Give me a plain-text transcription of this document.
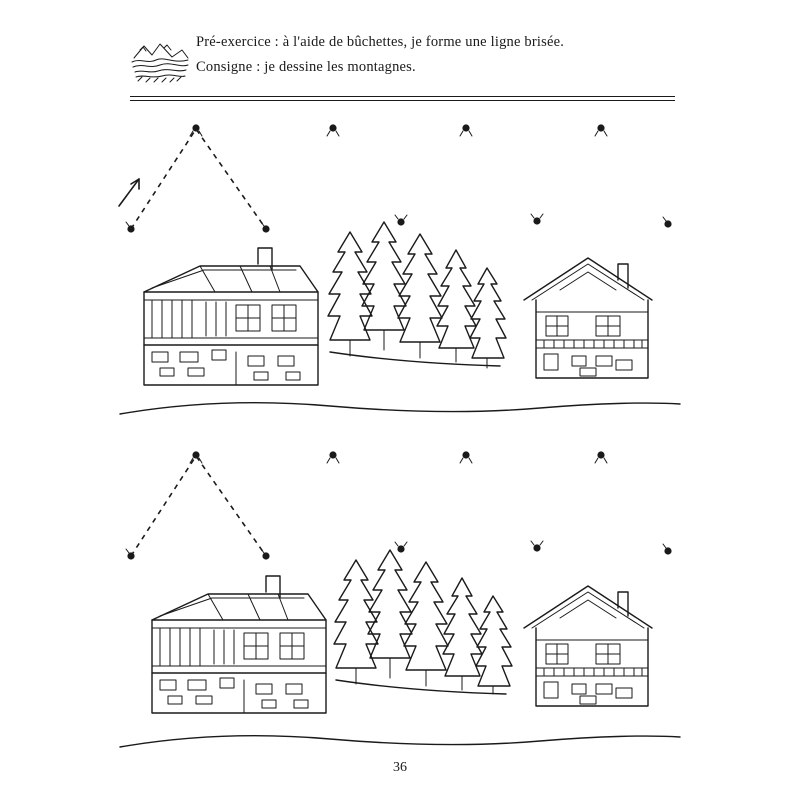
Pré-exercice : à l'aide de bûchettes, je forme une ligne brisée.
Consigne : je dessine les montagnes.
36
